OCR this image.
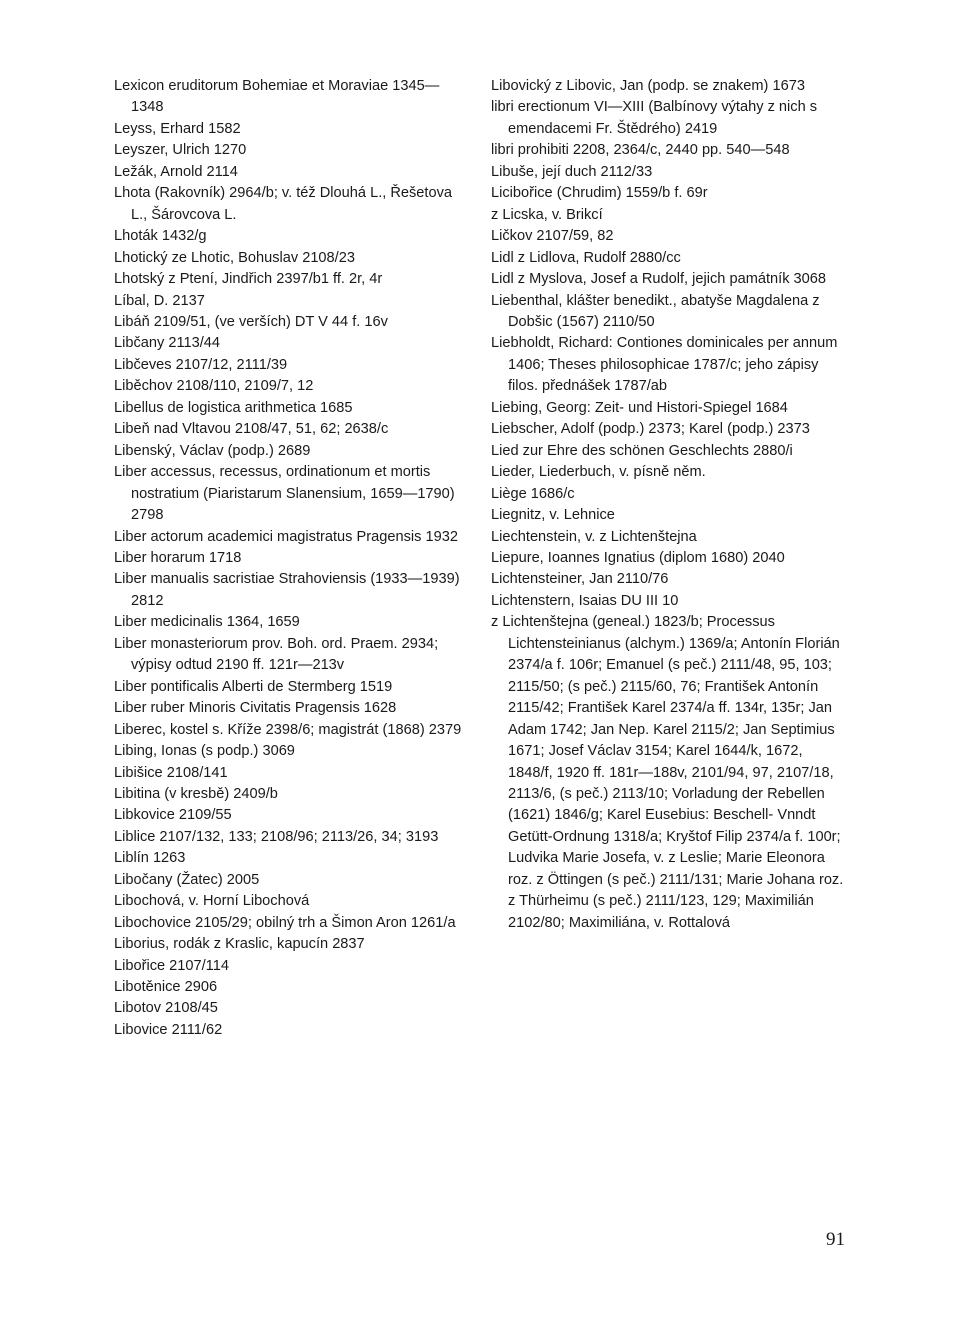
Lexicon eruditorum Bohemiae et Moraviae 1345—1348

Leyss, Erhard 1582

Leyszer, Ulrich 1270

Ležák, Arnold 2114

Lhota (Rakovník) 2964/b; v. též Dlouhá L., Řešetova L., Šárovcova L.

Lhoták 1432/g

Lhotický ze Lhotic, Bohuslav 2108/23

Lhotský z Ptení, Jindřich 2397/b1 ff. 2r, 4r

Líbal, D. 2137

Libáň 2109/51, (ve verších) DT V 44 f. 16v

Libčany 2113/44

Libčeves 2107/12, 2111/39

Liběchov 2108/110, 2109/7, 12

Libellus de logistica arithmetica 1685

Libeň nad Vltavou 2108/47, 51, 62; 2638/c

Libenský, Václav (podp.) 2689

Liber accessus, recessus, ordinationum et mortis nostratium (Piaristarum Slanensium, 1659—1790) 2798

Liber actorum academici magistratus Pragensis 1932

Liber horarum 1718

Liber manualis sacristiae Strahoviensis (1933—1939) 2812

Liber medicinalis 1364, 1659

Liber monasteriorum prov. Boh. ord. Praem. 2934; výpisy odtud 2190 ff. 121r—213v

Liber pontificalis Alberti de Stermberg 1519

Liber ruber Minoris Civitatis Pragensis 1628

Liberec, kostel s. Kříže 2398/6; magistrát (1868) 2379

Libing, Ionas (s podp.) 3069

Libišice 2108/141

Libitina (v kresbě) 2409/b

Libkovice 2109/55

Liblice 2107/132, 133; 2108/96; 2113/26, 34; 3193

Liblín 1263

Libočany (Žatec) 2005

Libochová, v. Horní Libochová

Libochovice 2105/29; obilný trh a Šimon Aron 1261/a

Liborius, rodák z Kraslic, kapucín 2837

Libořice 2107/114

Libotěnice 2906

Libotov 2108/45

Libovice 2111/62

Libovický z Libovic, Jan (podp. se znakem) 1673

libri erectionum VI—XIII (Balbínovy výtahy z nich s emendacemi Fr. Štědrého) 2419

libri prohibiti 2208, 2364/c, 2440 pp. 540—548

Libuše, její duch 2112/33

Licibořice (Chrudim) 1559/b f. 69r

z Licska, v. Brikcí

Ličkov 2107/59, 82

Lidl z Lidlova, Rudolf 2880/cc

Lidl z Myslova, Josef a Rudolf, jejich památník 3068

Liebenthal, klášter benedikt., abatyše Magdalena z Dobšic (1567) 2110/50

Liebholdt, Richard: Contiones dominicales per annum 1406; Theses philosophicae 1787/c; jeho zápisy filos. přednášek 1787/ab

Liebing, Georg: Zeit- und Histori-Spiegel 1684

Liebscher, Adolf (podp.) 2373; Karel (podp.) 2373

Lied zur Ehre des schönen Geschlechts 2880/i

Lieder, Liederbuch, v. písně něm.

Liège 1686/c

Liegnitz, v. Lehnice

Liechtenstein, v. z Lichtenštejna

Liepure, Ioannes Ignatius (diplom 1680) 2040

Lichtensteiner, Jan 2110/76

Lichtenstern, Isaias DU III 10

z Lichtenštejna (geneal.) 1823/b; Processus Lichtensteinianus (alchym.) 1369/a; Antonín Florián 2374/a f. 106r; Emanuel (s peč.) 2111/48, 95, 103; 2115/50; (s peč.) 2115/60, 76; František Antonín 2115/42; František Karel 2374/a ff. 134r, 135r; Jan Adam 1742; Jan Nep. Karel 2115/2; Jan Septimius 1671; Josef Václav 3154; Karel 1644/k, 1672, 1848/f, 1920 ff. 181r—188v, 2101/94, 97, 2107/18, 2113/6, (s peč.) 2113/10; Vorladung der Rebellen (1621) 1846/g; Karel Eusebius: Beschell- Vnndt Getütt-Ordnung 1318/a; Kryštof Filip 2374/a f. 100r; Ludvika Marie Josefa, v. z Leslie; Marie Eleonora roz. z Öttingen (s peč.) 2111/131; Marie Johana roz. z Thürheimu (s peč.) 2111/123, 129; Maximilián 2102/80; Maximiliána, v. Rottalová

91
